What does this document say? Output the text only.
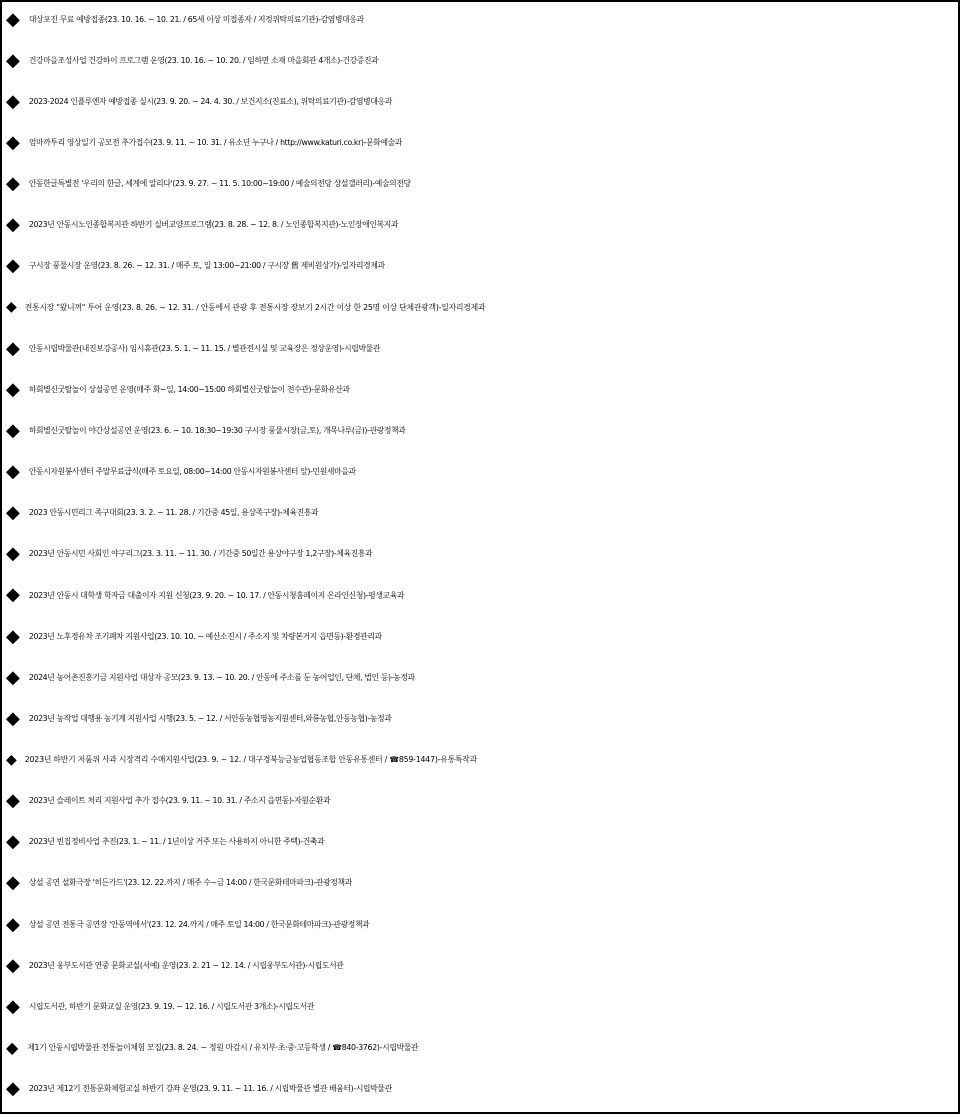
◆ 대상포진 무료 예방접종(23. 10. 16. ~ 10. 21. / 65세 이상 미접종자 / 지정위탁의료기관)-감염병대응과
◆ 건강마을조성사업 건강하이 프로그램 운영(23. 10. 16. ~ 10. 20. / 임하면 소재 마을회관 4개소)-건강증진과
◆ 2023-2024 인플루엔자 예방접종 실시(23. 9. 20. ~ 24. 4. 30. / 보건지소(진료소), 위탁의료기관)-감염병대응과
◆ 엄마까투리 영상일기 공모전 추가접수(23. 9. 11. ~ 10. 31. / 유소년 누구나 / http://www.katuri.co.kr)-문화예술과
◆ 안동한글특별전 '우리의 한글, 세계에 알리다'(23. 9. 27. ~ 11. 5. 10:00~19:00 / 예술의전당 상설갤러리)-예술의전당
◆ 2023년 안동시노인종합복지관 하반기 실버교양프로그램(23. 8. 28. ~ 12. 8. / 노인종합복지관)-노인장애인복지과
◆ 구시장 풍물시장 운영(23. 8. 26. ~ 12. 31. / 매주 토, 일 13:00~21:00 / 구시장 舊 제비원상가)-일자리경제과
◆ 전통시장 "왔니껴" 투어 운영(23. 8. 26. ~ 12. 31. / 안동에서 관광 후 전통시장 장보기 2시간 이상 한 25명 이상 단체관광객)-일자리경제과
◆ 안동시립박물관(내진보강공사) 임시휴관(23. 5. 1. ~ 11. 15. / 별관전시실 및 교육장은 정상운영)-시립박물관
◆ 하회별신굿탈놀이 상설공연 운영(매주 화~일, 14:00~15:00 하회별신굿탈놀이 전수관)-문화유산과
◆ 하회별신굿탈놀이 야간상설공연 운영(23. 6. ~ 10. 18:30~19:30 구시장 풍물시장(금,토), 개목나루(금))-관광정책과
◆ 안동시자원봉사센터 주말무료급식(매주 토요일, 08:00~14:00 안동시자원봉사센터 앞)-민원새마을과
◆ 2023 안동시민리그 족구대회(23. 3. 2. ~ 11. 28. / 기간중 45일, 용상족구장)-체육진흥과
◆ 2023년 안동시민 사회인 야구리그(23. 3. 11. ~ 11. 30. / 기간중 50일간 용상야구장 1,2구장)-체육진흥과
◆ 2023년 안동시 대학생 학자금 대출이자 지원 신청(23. 9. 20. ~ 10. 17. / 안동시청홈페이지 온라인신청)-평생교육과
◆ 2023년 노후경유차 조기폐차 지원사업(23. 10. 10. ~ 예산소진시 / 주소지 및 차량본거지 읍면동)-환경관리과
◆ 2024년 농어촌진흥기금 지원사업 대상자 공모(23. 9. 13. ~ 10. 20. / 안동에 주소를 둔 농어업인, 단체, 법인 등)-농정과
◆ 2023년 농작업 대행용 농기계 지원사업 시행(23. 5. ~ 12. / 서안동농협영농지원센터,와룡농협,안동농협)-농정과
◆ 2023년 하반기 저품위 사과 시장격리 수매지원사업(23. 9. ~ 12. / 대구경북능금농업협동조합 안동유통센터 / ☎859-1447)-유통특작과
◆ 2023년 슬레이트 처리 지원사업 추가 접수(23. 9. 11. ~ 10. 31. / 주소지 읍면동)-자원순환과
◆ 2023년 빈집정비사업 추진(23. 1. ~ 11. / 1년이상 거주 또는 사용하지 아니한 주택)-건축과
◆ 상설 공연 설화극장 '히든카드'(23. 12. 22.까지 / 매주 수~금 14:00 / 한국문화테마파크)-관광정책과
◆ 상설 공연 전통극 공연장 '안동역에서'(23. 12. 24.까지 / 매주 토일 14:00 / 한국문화테마파크)-관광정책과
◆ 2023년 웅부도서관 연중 문화교실(서예) 운영(23. 2. 21 ~ 12. 14. / 시립웅부도서관)-시립도서관
◆ 시립도서관, 하반기 문화교실 운영(23. 9. 19. ~ 12. 16. / 시립도서관 3개소)-시립도서관
◆ 제1기 안동시립박물관 전통놀이체험 모집(23. 8. 24. ~ 정원 마감시 / 유치부·초·중·고등학생 / ☎840-3762)-시립박물관
◆ 2023년 제12기 전통문화체험교실 하반기 강좌 운영(23. 9. 11. ~ 11. 16. / 시립박물관 별관 배움터)-시립박물관
